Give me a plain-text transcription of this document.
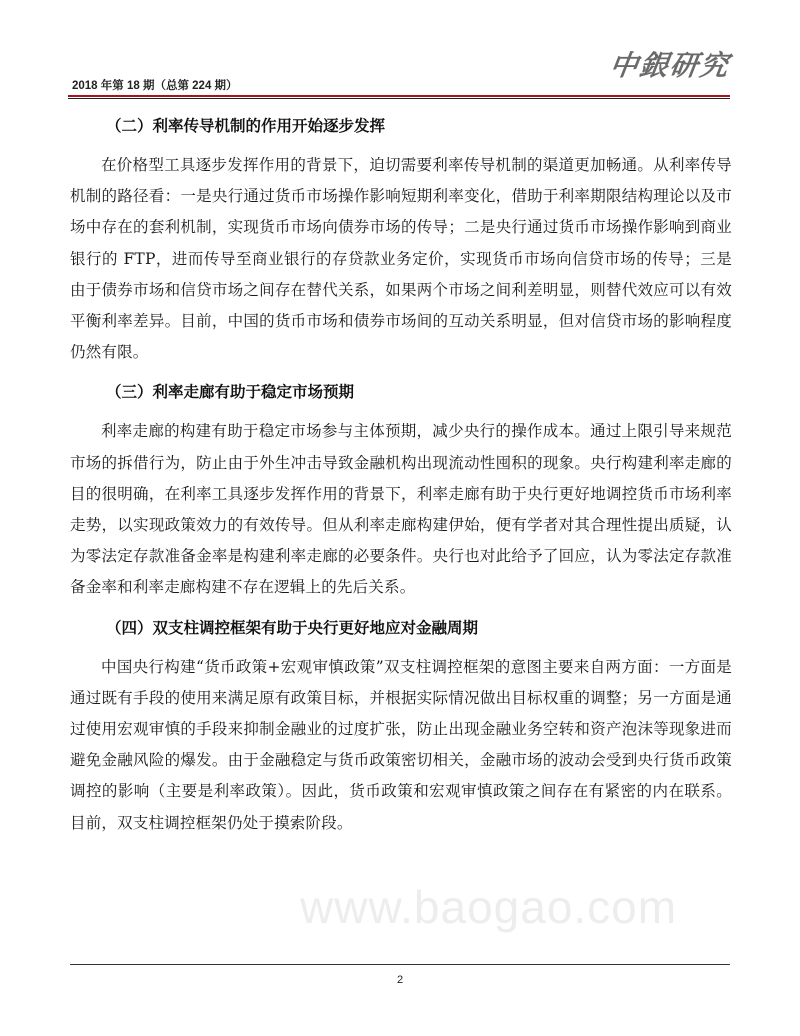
2018 年第 18 期（总第 224 期）
中銀研究
（二）利率传导机制的作用开始逐步发挥

在价格型工具逐步发挥作用的背景下，迫切需要利率传导机制的渠道更加畅通。从利率传导机制的路径看：一是央行通过货币市场操作影响短期利率变化，借助于利率期限结构理论以及市场中存在的套利机制，实现货币市场向债券市场的传导；二是央行通过货币市场操作影响到商业银行的 FTP，进而传导至商业银行的存贷款业务定价，实现货币市场向信贷市场的传导；三是由于债券市场和信贷市场之间存在替代关系，如果两个市场之间利差明显，则替代效应可以有效平衡利率差异。目前，中国的货币市场和债券市场间的互动关系明显，但对信贷市场的影响程度仍然有限。

（三）利率走廊有助于稳定市场预期

利率走廊的构建有助于稳定市场参与主体预期，减少央行的操作成本。通过上限引导来规范市场的拆借行为，防止由于外生冲击导致金融机构出现流动性囤积的现象。央行构建利率走廊的目的很明确，在利率工具逐步发挥作用的背景下，利率走廊有助于央行更好地调控货币市场利率走势，以实现政策效力的有效传导。但从利率走廊构建伊始，便有学者对其合理性提出质疑，认为零法定存款准备金率是构建利率走廊的必要条件。央行也对此给予了回应，认为零法定存款准备金率和利率走廊构建不存在逻辑上的先后关系。

（四）双支柱调控框架有助于央行更好地应对金融周期

中国央行构建“货币政策+宏观审慎政策”双支柱调控框架的意图主要来自两方面：一方面是通过既有手段的使用来满足原有政策目标，并根据实际情况做出目标权重的调整；另一方面是通过使用宏观审慎的手段来抑制金融业的过度扩张，防止出现金融业务空转和资产泡沫等现象进而避免金融风险的爆发。由于金融稳定与货币政策密切相关，金融市场的波动会受到央行货币政策调控的影响（主要是利率政策）。因此，货币政策和宏观审慎政策之间存在有紧密的内在联系。目前，双支柱调控框架仍处于摸索阶段。

www.baogao.com
2
